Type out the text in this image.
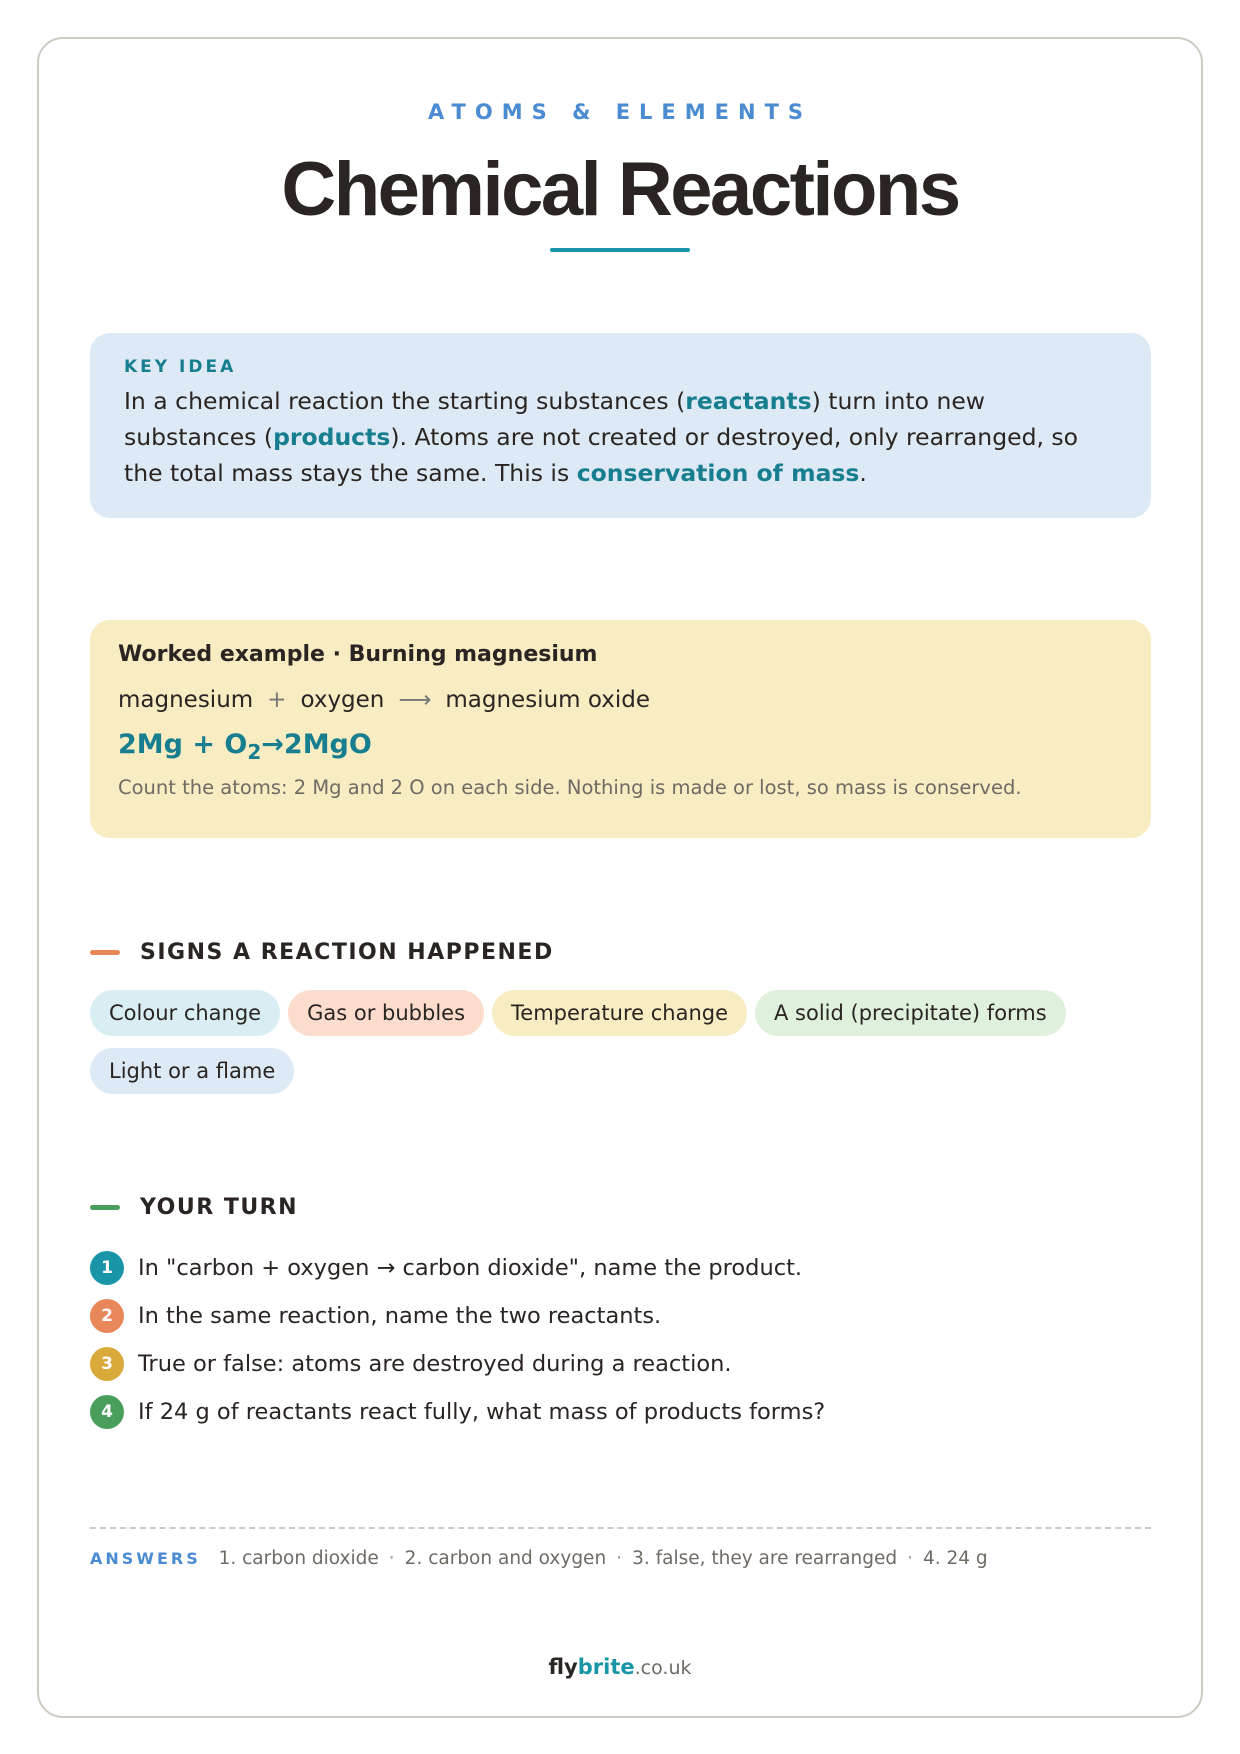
ATOMS & ELEMENTS
Chemical Reactions
KEY IDEA
In a chemical reaction the starting substances (reactants) turn into new substances (products). Atoms are not created or destroyed, only rearranged, so the total mass stays the same. This is conservation of mass.
Worked example · Burning magnesium
magnesium + oxygen ⟶ magnesium oxide
$2Mg + O_2\to 2MgO$
Count the atoms: 2 Mg and 2 O on each side. Nothing is made or lost, so mass is conserved.
SIGNS A REACTION HAPPENED
Colour change Gas or bubbles Temperature change A solid (precipitate) formsLight or a flame
YOUR TURN
1	In "carbon + oxygen → carbon dioxide", name the product.
2	In the same reaction, name the two reactants.
3	True or false: atoms are destroyed during a reaction.
4	If 24 g of reactants react fully, what mass of products forms?
ANSWERS 1. carbon dioxide · 2. carbon and oxygen · 3. false, they are rearranged · 4. 24 g
flybrite.co.uk
